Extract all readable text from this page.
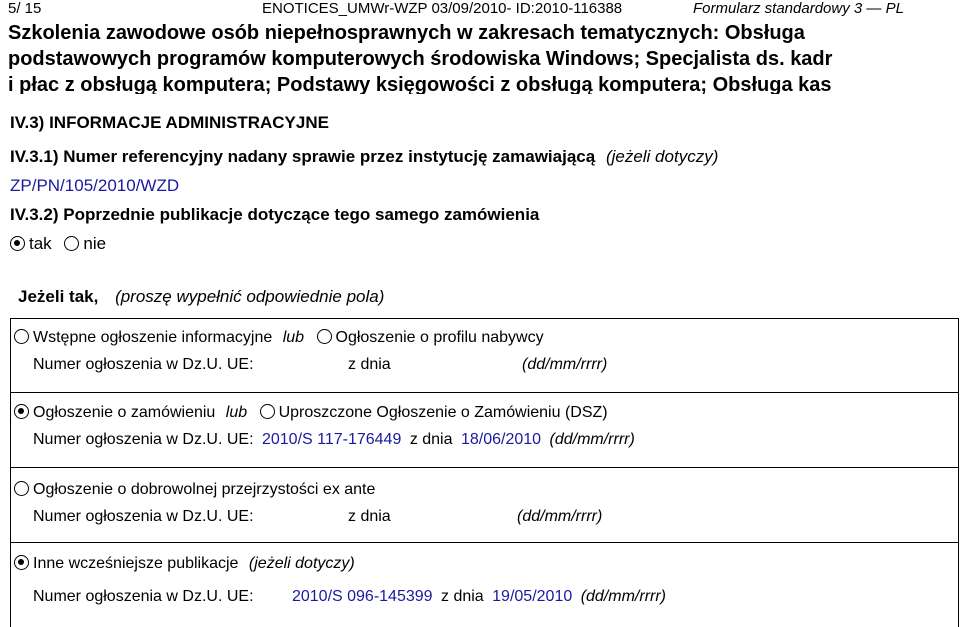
5/ 15	ENOTICES_UMWr-WZP 03/09/2010- ID:2010-116388	Formularz standardowy 3 — PL
Szkolenia zawodowe osób niepełnosprawnych w zakresach tematycznych: Obsługa
podstawowych programów komputerowych środowiska Windows; Specjalista ds. kadr
i płac z obsługą komputera; Podstawy księgowości z obsługą komputera; Obsługa kas
IV.3) INFORMACJE ADMINISTRACYJNE
IV.3.1) Numer referencyjny nadany sprawie przez instytucję zamawiającą (jeżeli dotyczy)
ZP/PN/105/2010/WZD
IV.3.2) Poprzednie publikacje dotyczące tego samego zamówienia
tak nie
Jeżeli tak, (proszę wypełnić odpowiednie pola)
Wstępne ogłoszenie informacyjne lub Ogłoszenie o profilu nabywcy
Numer ogłoszenia w Dz.U. UE:	z dnia	(dd/mm/rrrr)
Ogłoszenie o zamówieniu lub Uproszczone Ogłoszenie o Zamówieniu (DSZ)
Numer ogłoszenia w Dz.U. UE: 2010/S 117-176449 z dnia 18/06/2010 (dd/mm/rrrr)
Ogłoszenie o dobrowolnej przejrzystości ex ante
Numer ogłoszenia w Dz.U. UE:	z dnia	(dd/mm/rrrr)
Inne wcześniejsze publikacje (jeżeli dotyczy)
Numer ogłoszenia w Dz.U. UE: 2010/S 096-145399 z dnia 19/05/2010 (dd/mm/rrrr)
